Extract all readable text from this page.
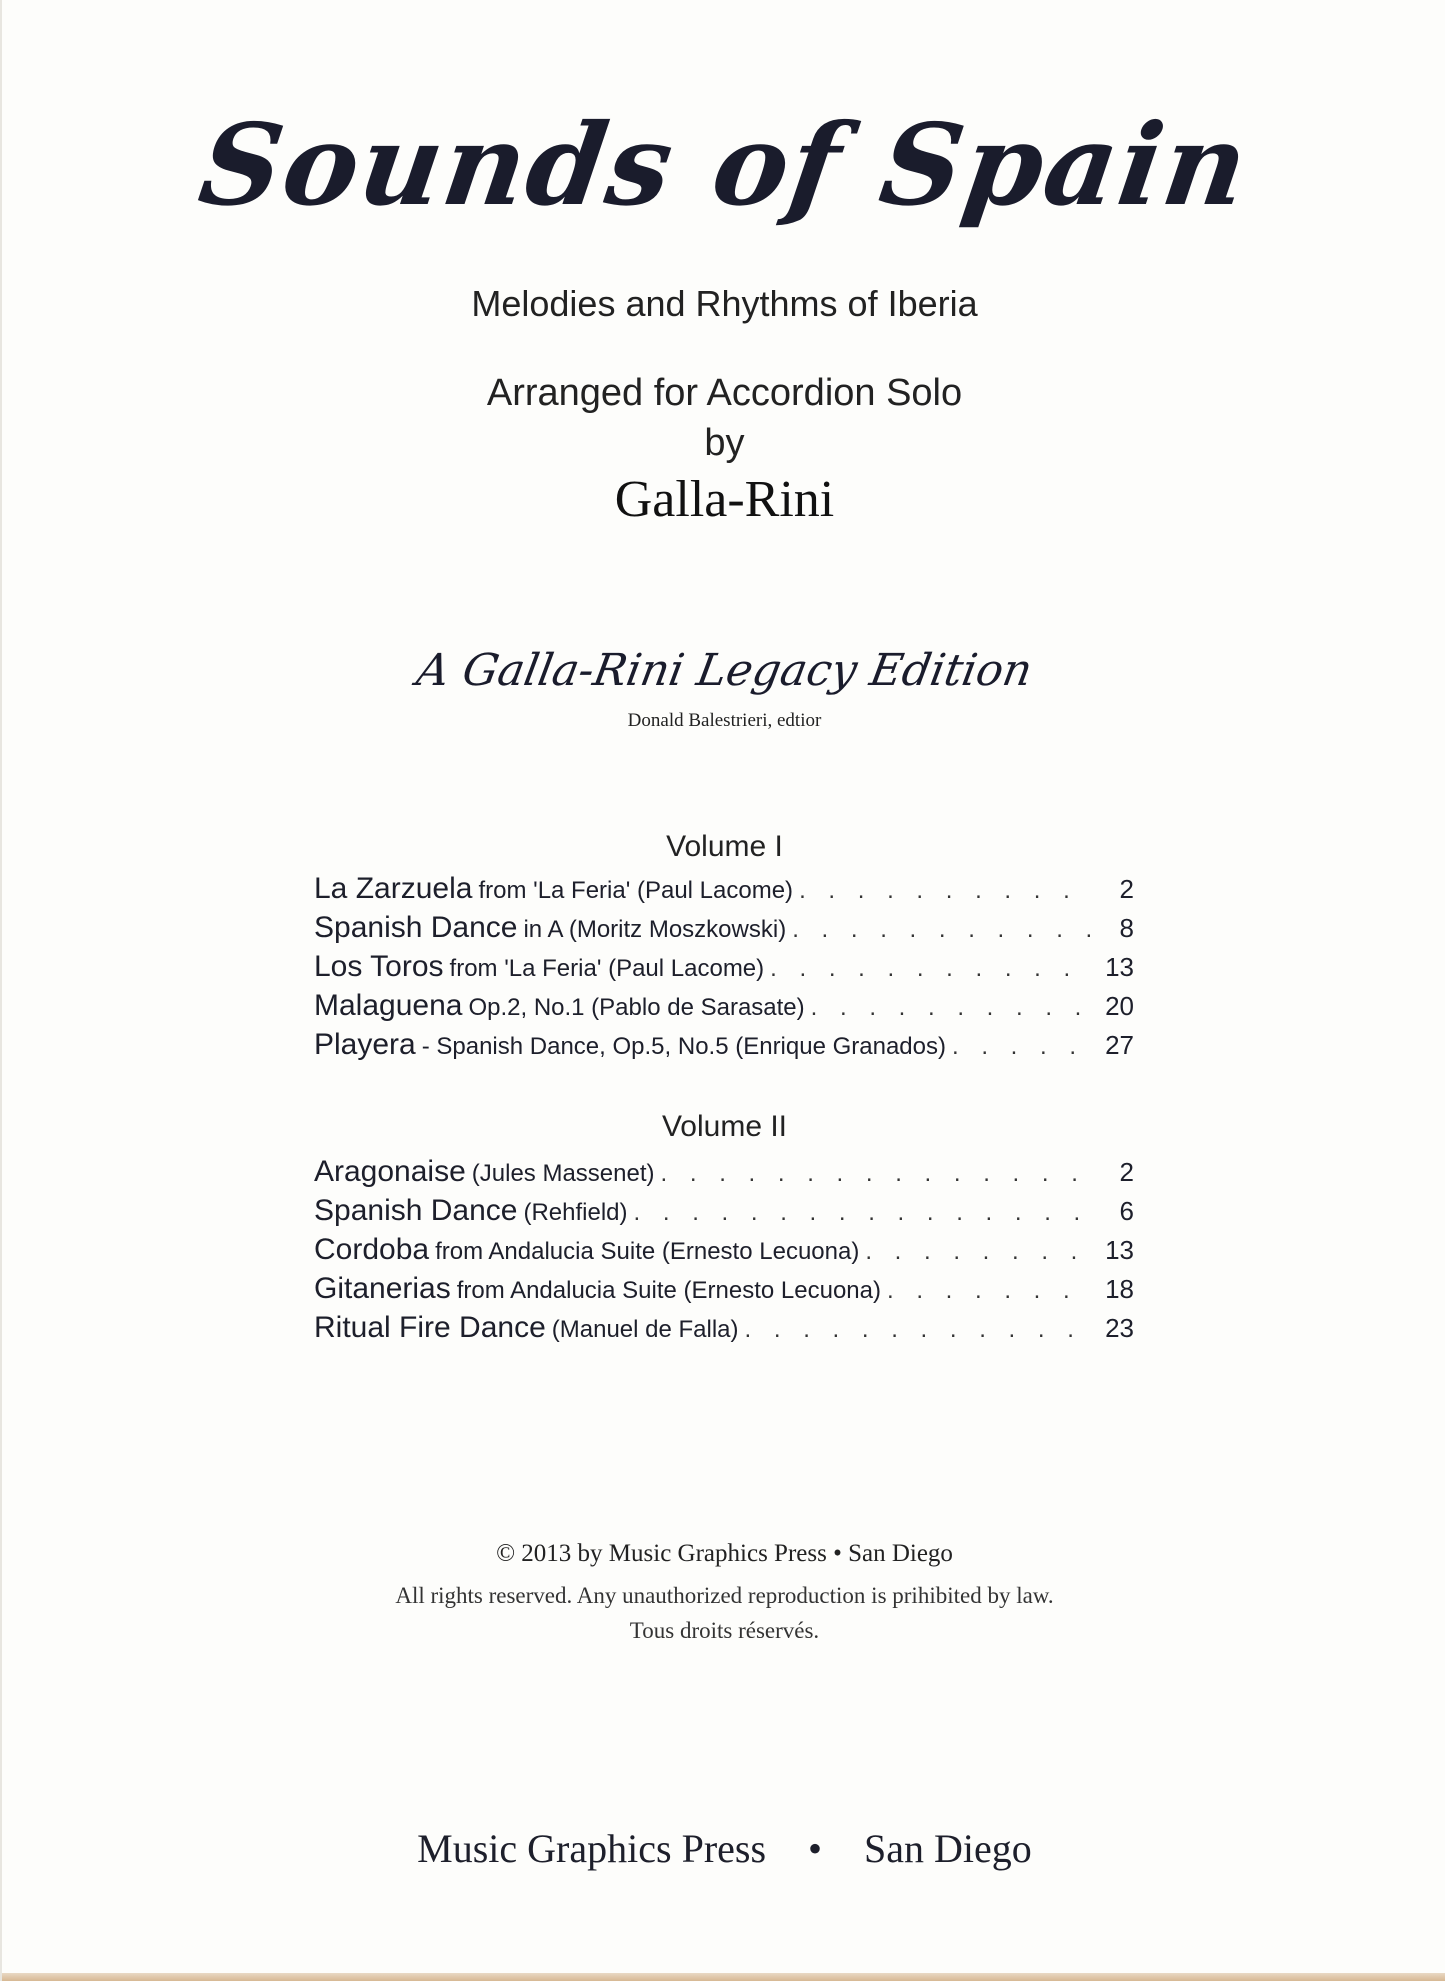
Sounds of Spain
Melodies and Rhythms of Iberia
Arranged for Accordion Solo
by
Galla-Rini
A Galla-Rini Legacy Edition
Donald Balestrieri, edtior
Volume I
La Zarzuela from 'La Feria' (Paul Lacome) . . .	2
Spanish Dance in A (Moritz Moszkowski) . . .	8
Los Toros from 'La Feria' (Paul Lacome) . . .	13
Malaguena Op.2, No.1 (Pablo de Sarasate) . . .	20
Playera - Spanish Dance, Op.5, No.5 (Enrique Granados) . . .	27
Volume II
Aragonaise (Jules Massenet) . . .	2
Spanish Dance (Rehfield) . . .	6
Cordoba from Andalucia Suite (Ernesto Lecuona) . . .	13
Gitanerias from Andalucia Suite (Ernesto Lecuona) . . .	18
Ritual Fire Dance (Manuel de Falla) . . .	23
© 2013 by Music Graphics Press • San Diego
All rights reserved. Any unauthorized reproduction is prihibited by law.
Tous droits réservés.
Music Graphics Press • San Diego
